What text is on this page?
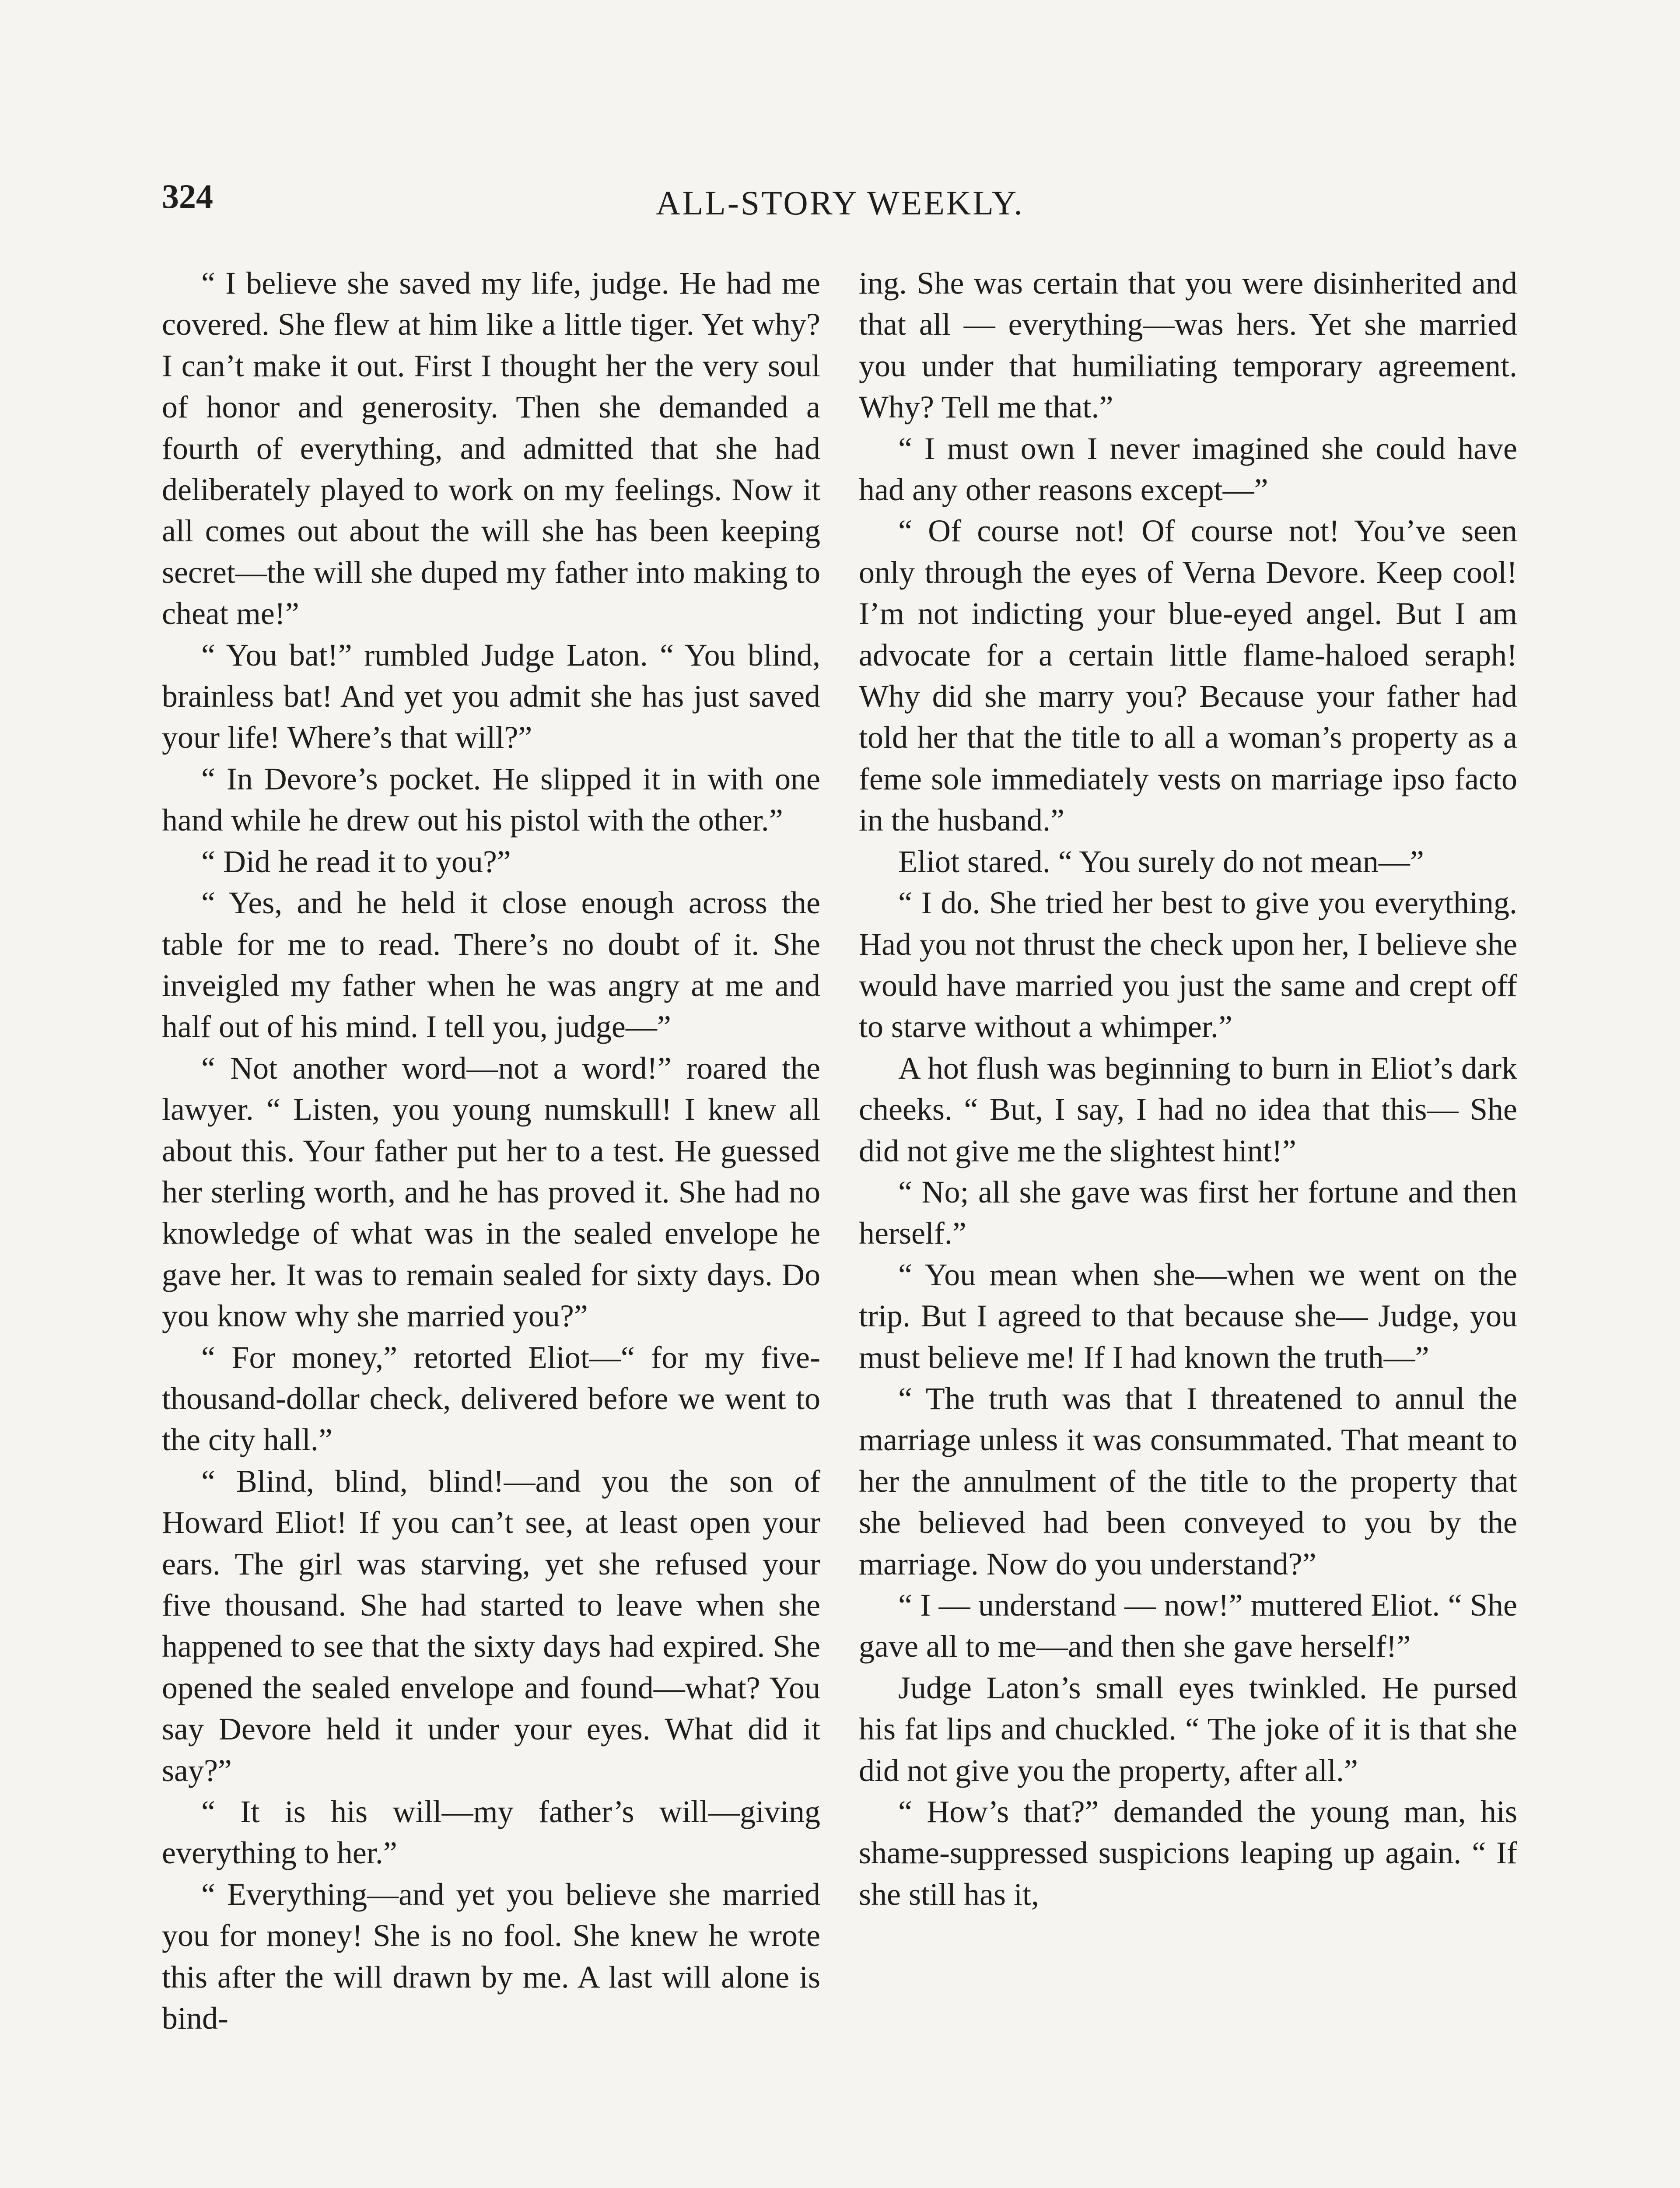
324	ALL-STORY WEEKLY.

“ I believe she saved my life, judge. He had me covered. She flew at him like a little tiger. Yet why? I can’t make it out. First I thought her the very soul of honor and generosity. Then she demanded a fourth of everything, and admitted that she had deliberately played to work on my feelings. Now it all comes out about the will she has been keeping secret—the will she duped my father into making to cheat me!”

“ You bat!” rumbled Judge Laton. “ You blind, brainless bat! And yet you admit she has just saved your life! Where’s that will?”

“ In Devore’s pocket. He slipped it in with one hand while he drew out his pistol with the other.”

“ Did he read it to you?”

“ Yes, and he held it close enough across the table for me to read. There’s no doubt of it. She inveigled my father when he was angry at me and half out of his mind. I tell you, judge—”

“ Not another word—not a word!” roared the lawyer. “ Listen, you young numskull! I knew all about this. Your father put her to a test. He guessed her sterling worth, and he has proved it. She had no knowledge of what was in the sealed envelope he gave her. It was to remain sealed for sixty days. Do you know why she married you?”

“ For money,” retorted Eliot—“ for my five-thousand-dollar check, delivered before we went to the city hall.”

“ Blind, blind, blind!—and you the son of Howard Eliot! If you can’t see, at least open your ears. The girl was starving, yet she refused your five thousand. She had started to leave when she happened to see that the sixty days had expired. She opened the sealed envelope and found—what? You say Devore held it under your eyes. What did it say?”

“ It is his will—my father’s will—giving everything to her.”

“ Everything—and yet you believe she married you for money! She is no fool. She knew he wrote this after the will drawn by me. A last will alone is bind-

ing. She was certain that you were disinherited and that all — everything—was hers. Yet she married you under that humiliating temporary agreement. Why? Tell me that.”

“ I must own I never imagined she could have had any other reasons except—”

“ Of course not! Of course not! You’ve seen only through the eyes of Verna Devore. Keep cool! I’m not indicting your blue-eyed angel. But I am advocate for a certain little flame-haloed seraph! Why did she marry you? Because your father had told her that the title to all a woman’s property as a feme sole immediately vests on marriage ipso facto in the husband.”

Eliot stared. “ You surely do not mean—”

“ I do. She tried her best to give you everything. Had you not thrust the check upon her, I believe she would have married you just the same and crept off to starve without a whimper.”

A hot flush was beginning to burn in Eliot’s dark cheeks. “ But, I say, I had no idea that this— She did not give me the slightest hint!”

“ No; all she gave was first her fortune and then herself.”

“ You mean when she—when we went on the trip. But I agreed to that because she— Judge, you must believe me! If I had known the truth—”

“ The truth was that I threatened to annul the marriage unless it was consummated. That meant to her the annulment of the title to the property that she believed had been conveyed to you by the marriage. Now do you understand?”

“ I — understand — now!” muttered Eliot. “ She gave all to me—and then she gave herself!”

Judge Laton’s small eyes twinkled. He pursed his fat lips and chuckled. “ The joke of it is that she did not give you the property, after all.”

“ How’s that?” demanded the young man, his shame-suppressed suspicions leaping up again. “ If she still has it,
